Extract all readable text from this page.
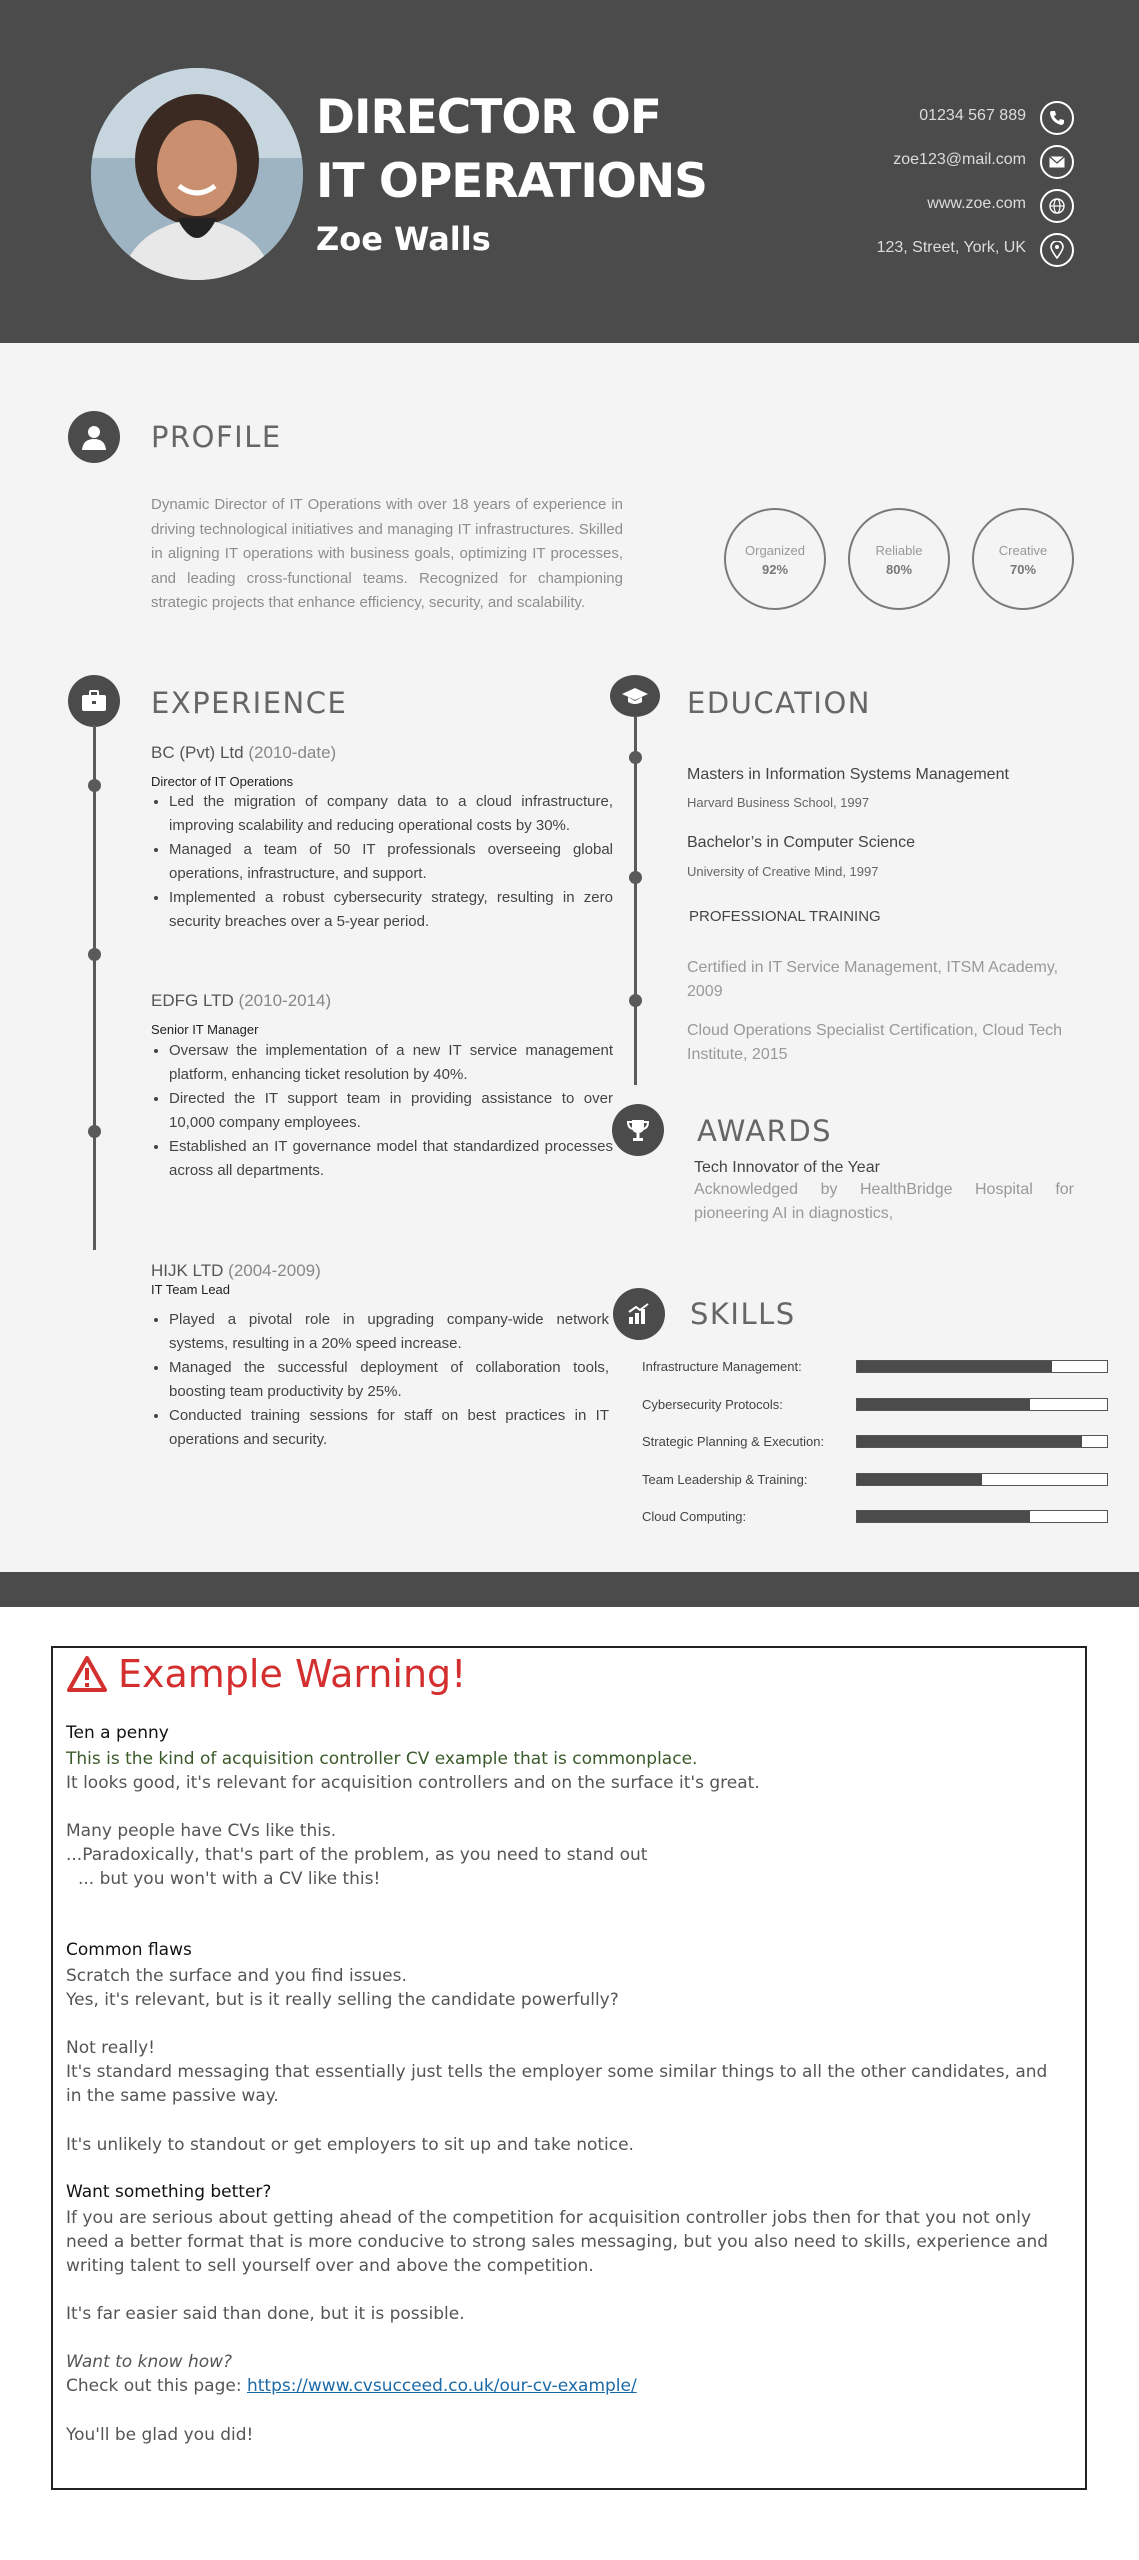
DIRECTOR OF
IT OPERATIONS
Zoe Walls
01234 567 889
zoe123@mail.com
www.zoe.com
123, Street, York, UK
PROFILE
Dynamic Director of IT Operations with over 18 years of experience in driving technological initiatives and managing IT infrastructures. Skilled in aligning IT operations with business goals, optimizing IT processes, and leading cross-functional teams. Recognized for championing strategic projects that enhance efficiency, security, and scalability.
Organized
92%
Reliable
80%
Creative
70%
EXPERIENCE
BC (Pvt) Ltd (2010-date)
Director of IT Operations
• Led the migration of company data to a cloud infrastructure, improving scalability and reducing operational costs by 30%.
• Managed a team of 50 IT professionals overseeing global operations, infrastructure, and support.
• Implemented a robust cybersecurity strategy, resulting in zero security breaches over a 5-year period.
EDFG LTD (2010-2014)
Senior IT Manager
• Oversaw the implementation of a new IT service management platform, enhancing ticket resolution by 40%.
• Directed the IT support team in providing assistance to over 10,000 company employees.
• Established an IT governance model that standardized processes across all departments.
HIJK LTD (2004-2009)
IT Team Lead
• Played a pivotal role in upgrading company-wide network systems, resulting in a 20% speed increase.
• Managed the successful deployment of collaboration tools, boosting team productivity by 25%.
• Conducted training sessions for staff on best practices in IT operations and security.
EDUCATION
Masters in Information Systems Management
Harvard Business School, 1997
Bachelor’s in Computer Science
University of Creative Mind, 1997
PROFESSIONAL TRAINING
Certified in IT Service Management, ITSM Academy, 2009
Cloud Operations Specialist Certification, Cloud Tech Institute, 2015
AWARDS
Tech Innovator of the Year
Acknowledged by HealthBridge Hospital for pioneering AI in diagnostics,
SKILLS
Infrastructure Management:
Cybersecurity Protocols:
Strategic Planning & Execution:
Team Leadership & Training:
Cloud Computing:
Example Warning!
Ten a penny
This is the kind of acquisition controller CV example that is commonplace.
It looks good, it's relevant for acquisition controllers and on the surface it's great.
Many people have CVs like this.
...Paradoxically, that's part of the problem, as you need to stand out
... but you won't with a CV like this!
Common flaws
Scratch the surface and you find issues.
Yes, it's relevant, but is it really selling the candidate powerfully?
Not really!
It's standard messaging that essentially just tells the employer some similar things to all the other candidates, and in the same passive way.
It's unlikely to standout or get employers to sit up and take notice.
Want something better?
If you are serious about getting ahead of the competition for acquisition controller jobs then for that you not only need a better format that is more conducive to strong sales messaging, but you also need to skills, experience and writing talent to sell yourself over and above the competition.
It's far easier said than done, but it is possible.
Want to know how?
Check out this page: https://www.cvsucceed.co.uk/our-cv-example/
You'll be glad you did!
